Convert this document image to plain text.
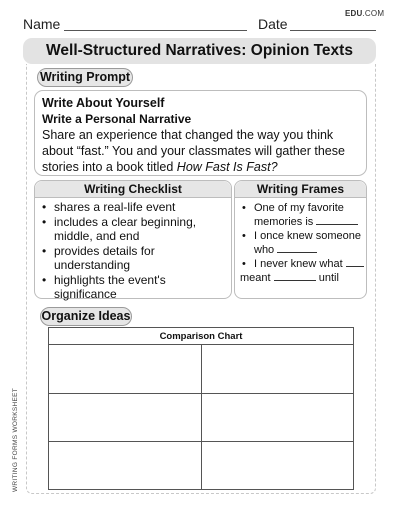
Name	Date
EDU.COM
Well-Structured Narratives: Opinion Texts
WRITING FORMS WORKSHEET
Writing Prompt
Write About Yourself
Write a Personal Narrative
Share an experience that changed the way you think about “fast.” You and your classmates will gather these stories into a book titled How Fast Is Fast?
Writing Checklist
• shares a real-life event
• includes a clear beginning, middle, and end
• provides details for understanding
• highlights the event's significance
Writing Frames
• One of my favorite memories is
• I once knew someone who
• I never knew what
meant	until
Organize Ideas
Comparison Chart
